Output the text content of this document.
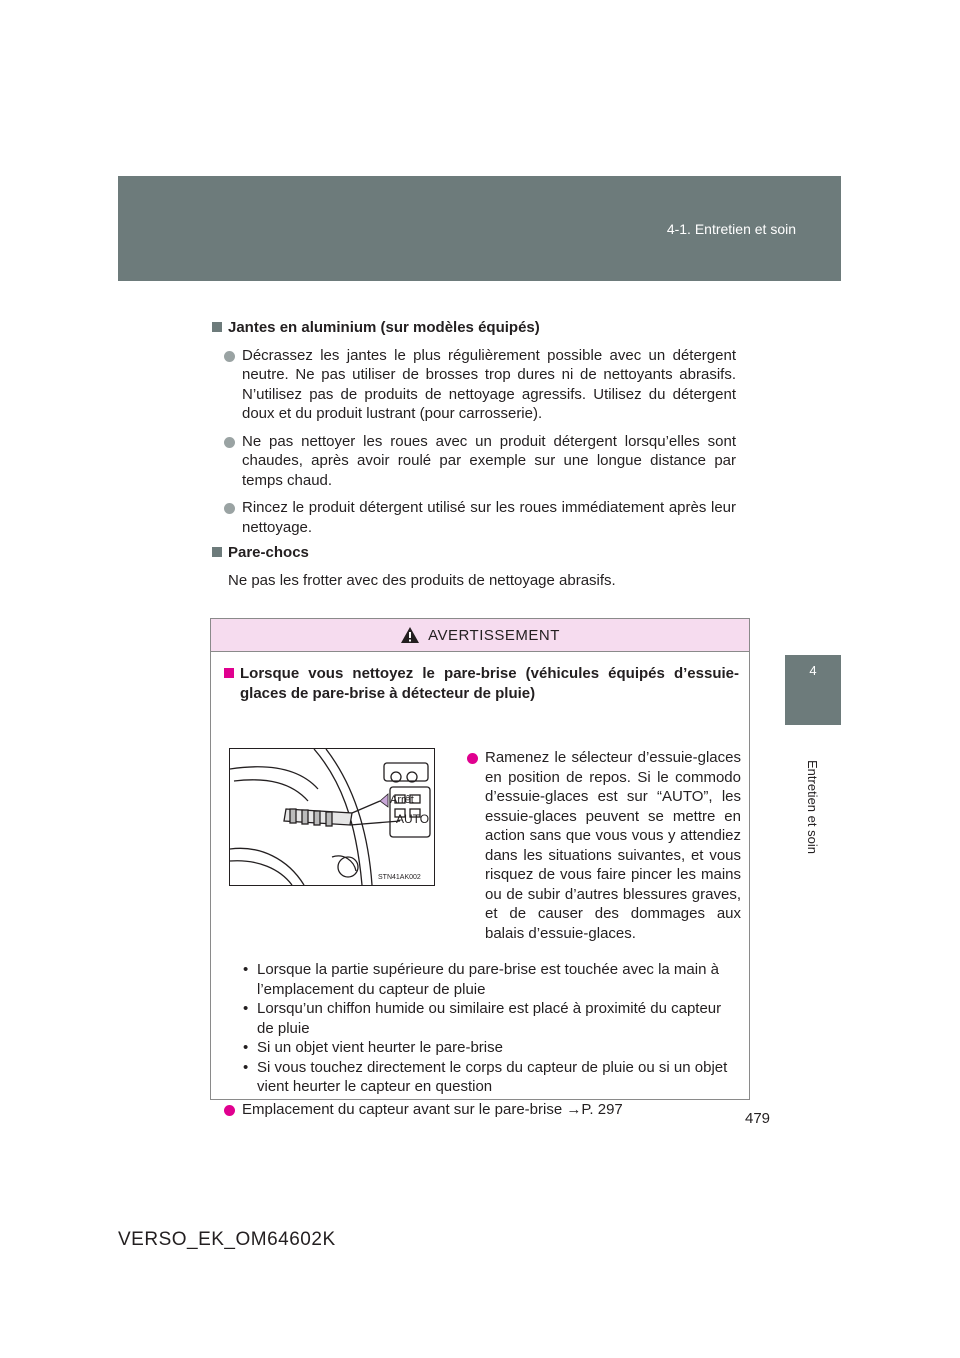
4-1. Entretien et soin
4
Entretien et soin
Jantes en aluminium (sur modèles équipés)
Décrassez les jantes le plus régulièrement possible avec un détergent neutre. Ne pas utiliser de brosses trop dures ni de nettoyants abrasifs. N’utilisez pas de produits de nettoyage agressifs. Utilisez du détergent doux et du produit lustrant (pour carrosserie).
Ne pas nettoyer les roues avec un produit détergent lorsqu’elles sont chaudes, après avoir roulé par exemple sur une longue distance par temps chaud.
Rincez le produit détergent utilisé sur les roues immédiatement après leur nettoyage.
Pare-chocs
Ne pas les frotter avec des produits de nettoyage abrasifs.
AVERTISSEMENT
Lorsque vous nettoyez le pare-brise (véhicules équipés d’essuie-glaces de pare-brise à détecteur de pluie)
Arrêt
AUTO
STN41AK002
Ramenez le sélecteur d’essuie-glaces en position de repos. Si le commodo d’essuie-glaces est sur “AUTO”, les essuie-glaces peuvent se mettre en action sans que vous vous y attendiez dans les situations suivantes, et vous risquez de vous faire pincer les mains ou de subir d’autres blessures graves, et de causer des dommages aux balais d’essuie-glaces.
• Lorsque la partie supérieure du pare-brise est touchée avec la main à l’emplacement du capteur de pluie
• Lorsqu’un chiffon humide ou similaire est placé à proximité du capteur de pluie
• Si un objet vient heurter le pare-brise
• Si vous touchez directement le corps du capteur de pluie ou si un objet vient heurter le capteur en question
Emplacement du capteur avant sur le pare-brise →P. 297
479
VERSO_EK_OM64602K
